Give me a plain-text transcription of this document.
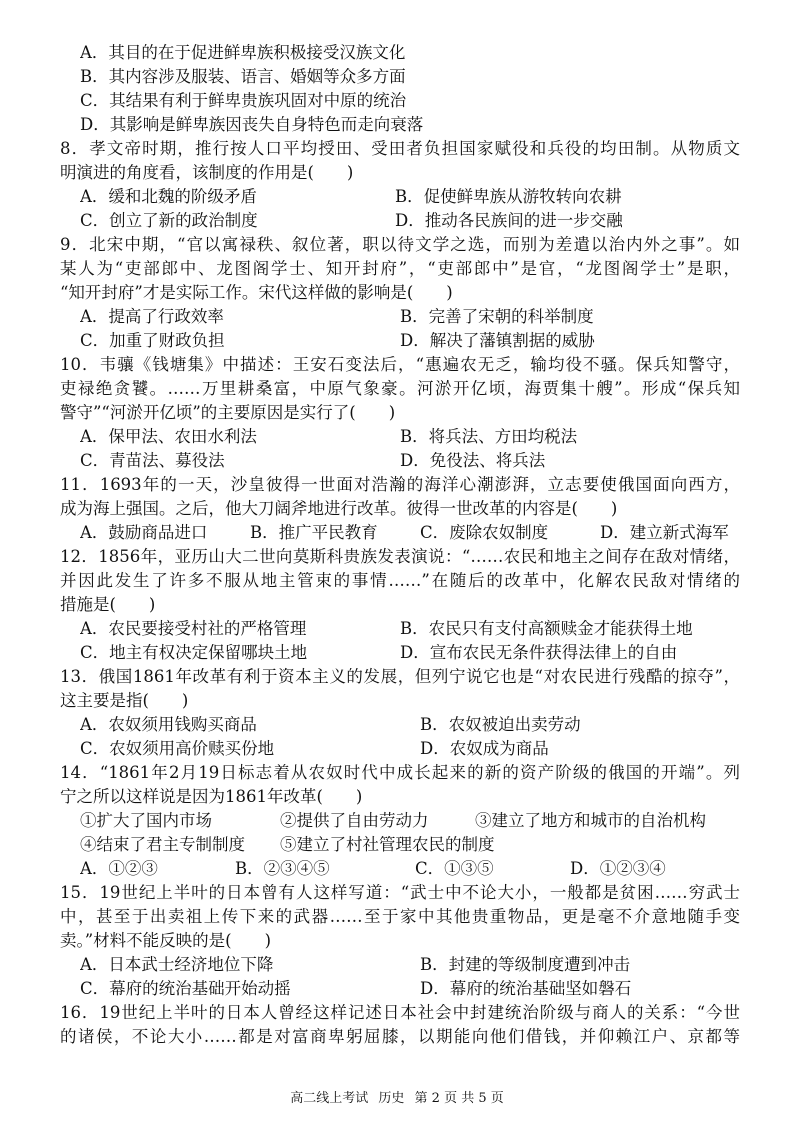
A．其目的在于促进鲜卑族积极接受汉族文化
B．其内容涉及服装、语言、婚姻等众多方面
C．其结果有利于鲜卑贵族巩固对中原的统治
D．其影响是鲜卑族因丧失自身特色而走向衰落
8．孝文帝时期，推行按人口平均授田、受田者负担国家赋役和兵役的均田制。从物质文
明演进的角度看，该制度的作用是(　　)
A．缓和北魏的阶级矛盾	B．促使鲜卑族从游牧转向农耕
C．创立了新的政治制度	D．推动各民族间的进一步交融
9．北宋中期，“官以寓禄秩、叙位著，职以待文学之选，而别为差遣以治内外之事”。如
某人为“吏部郎中、龙图阁学士、知开封府”，“吏部郎中”是官，“龙图阁学士”是职，
“知开封府”才是实际工作。宋代这样做的影响是(　　)
A．提高了行政效率	B．完善了宋朝的科举制度
C．加重了财政负担	D．解决了藩镇割据的威胁
10．韦骧《钱塘集》中描述：王安石变法后，“惠遍农无乏，输均役不骚。保兵知警守，
吏禄绝贪饕。……万里耕桑富，中原气象豪。河淤开亿顷，海贾集十艘”。形成“保兵知
警守”“河淤开亿顷”的主要原因是实行了(　　)
A．保甲法、农田水利法	B．将兵法、方田均税法
C．青苗法、募役法	D．免役法、将兵法
11．1693年的一天，沙皇彼得一世面对浩瀚的海洋心潮澎湃，立志要使俄国面向西方，
成为海上强国。之后，他大刀阔斧地进行改革。彼得一世改革的内容是(　　)
A．鼓励商品进口	B．推广平民教育	C．废除农奴制度	D．建立新式海军
12．1856年，亚历山大二世向莫斯科贵族发表演说：“……农民和地主之间存在敌对情绪，
并因此发生了许多不服从地主管束的事情……”在随后的改革中，化解农民敌对情绪的
措施是(　　)
A．农民要接受村社的严格管理	B．农民只有支付高额赎金才能获得土地
C．地主有权决定保留哪块土地	D．宣布农民无条件获得法律上的自由
13．俄国1861年改革有利于资本主义的发展，但列宁说它也是“对农民进行残酷的掠夺”，
这主要是指(　　)
A．农奴须用钱购买商品	B．农奴被迫出卖劳动
C．农奴须用高价赎买份地	D．农奴成为商品
14．“1861年2月19日标志着从农奴时代中成长起来的新的资产阶级的俄国的开端”。列
宁之所以这样说是因为1861年改革(　　)
①扩大了国内市场	②提供了自由劳动力	③建立了地方和城市的自治机构
④结束了君主专制制度 ⑤建立了村社管理农民的制度
A．①②③	B．②③④⑤	C．①③⑤	D．①②③④
15．19世纪上半叶的日本曾有人这样写道：“武士中不论大小，一般都是贫困……穷武士
中，甚至于出卖祖上传下来的武器……至于家中其他贵重物品，更是毫不介意地随手变
卖。”材料不能反映的是(　　)
A．日本武士经济地位下降	B．封建的等级制度遭到冲击
C．幕府的统治基础开始动摇	D．幕府的统治基础坚如磐石
16．19世纪上半叶的日本人曾经这样记述日本社会中封建统治阶级与商人的关系：“今世
的诸侯，不论大小……都是对富商卑躬屈膝，以期能向他们借钱，并仰赖江户、京都等
高二线上考试 历史 第 2 页 共 5 页
